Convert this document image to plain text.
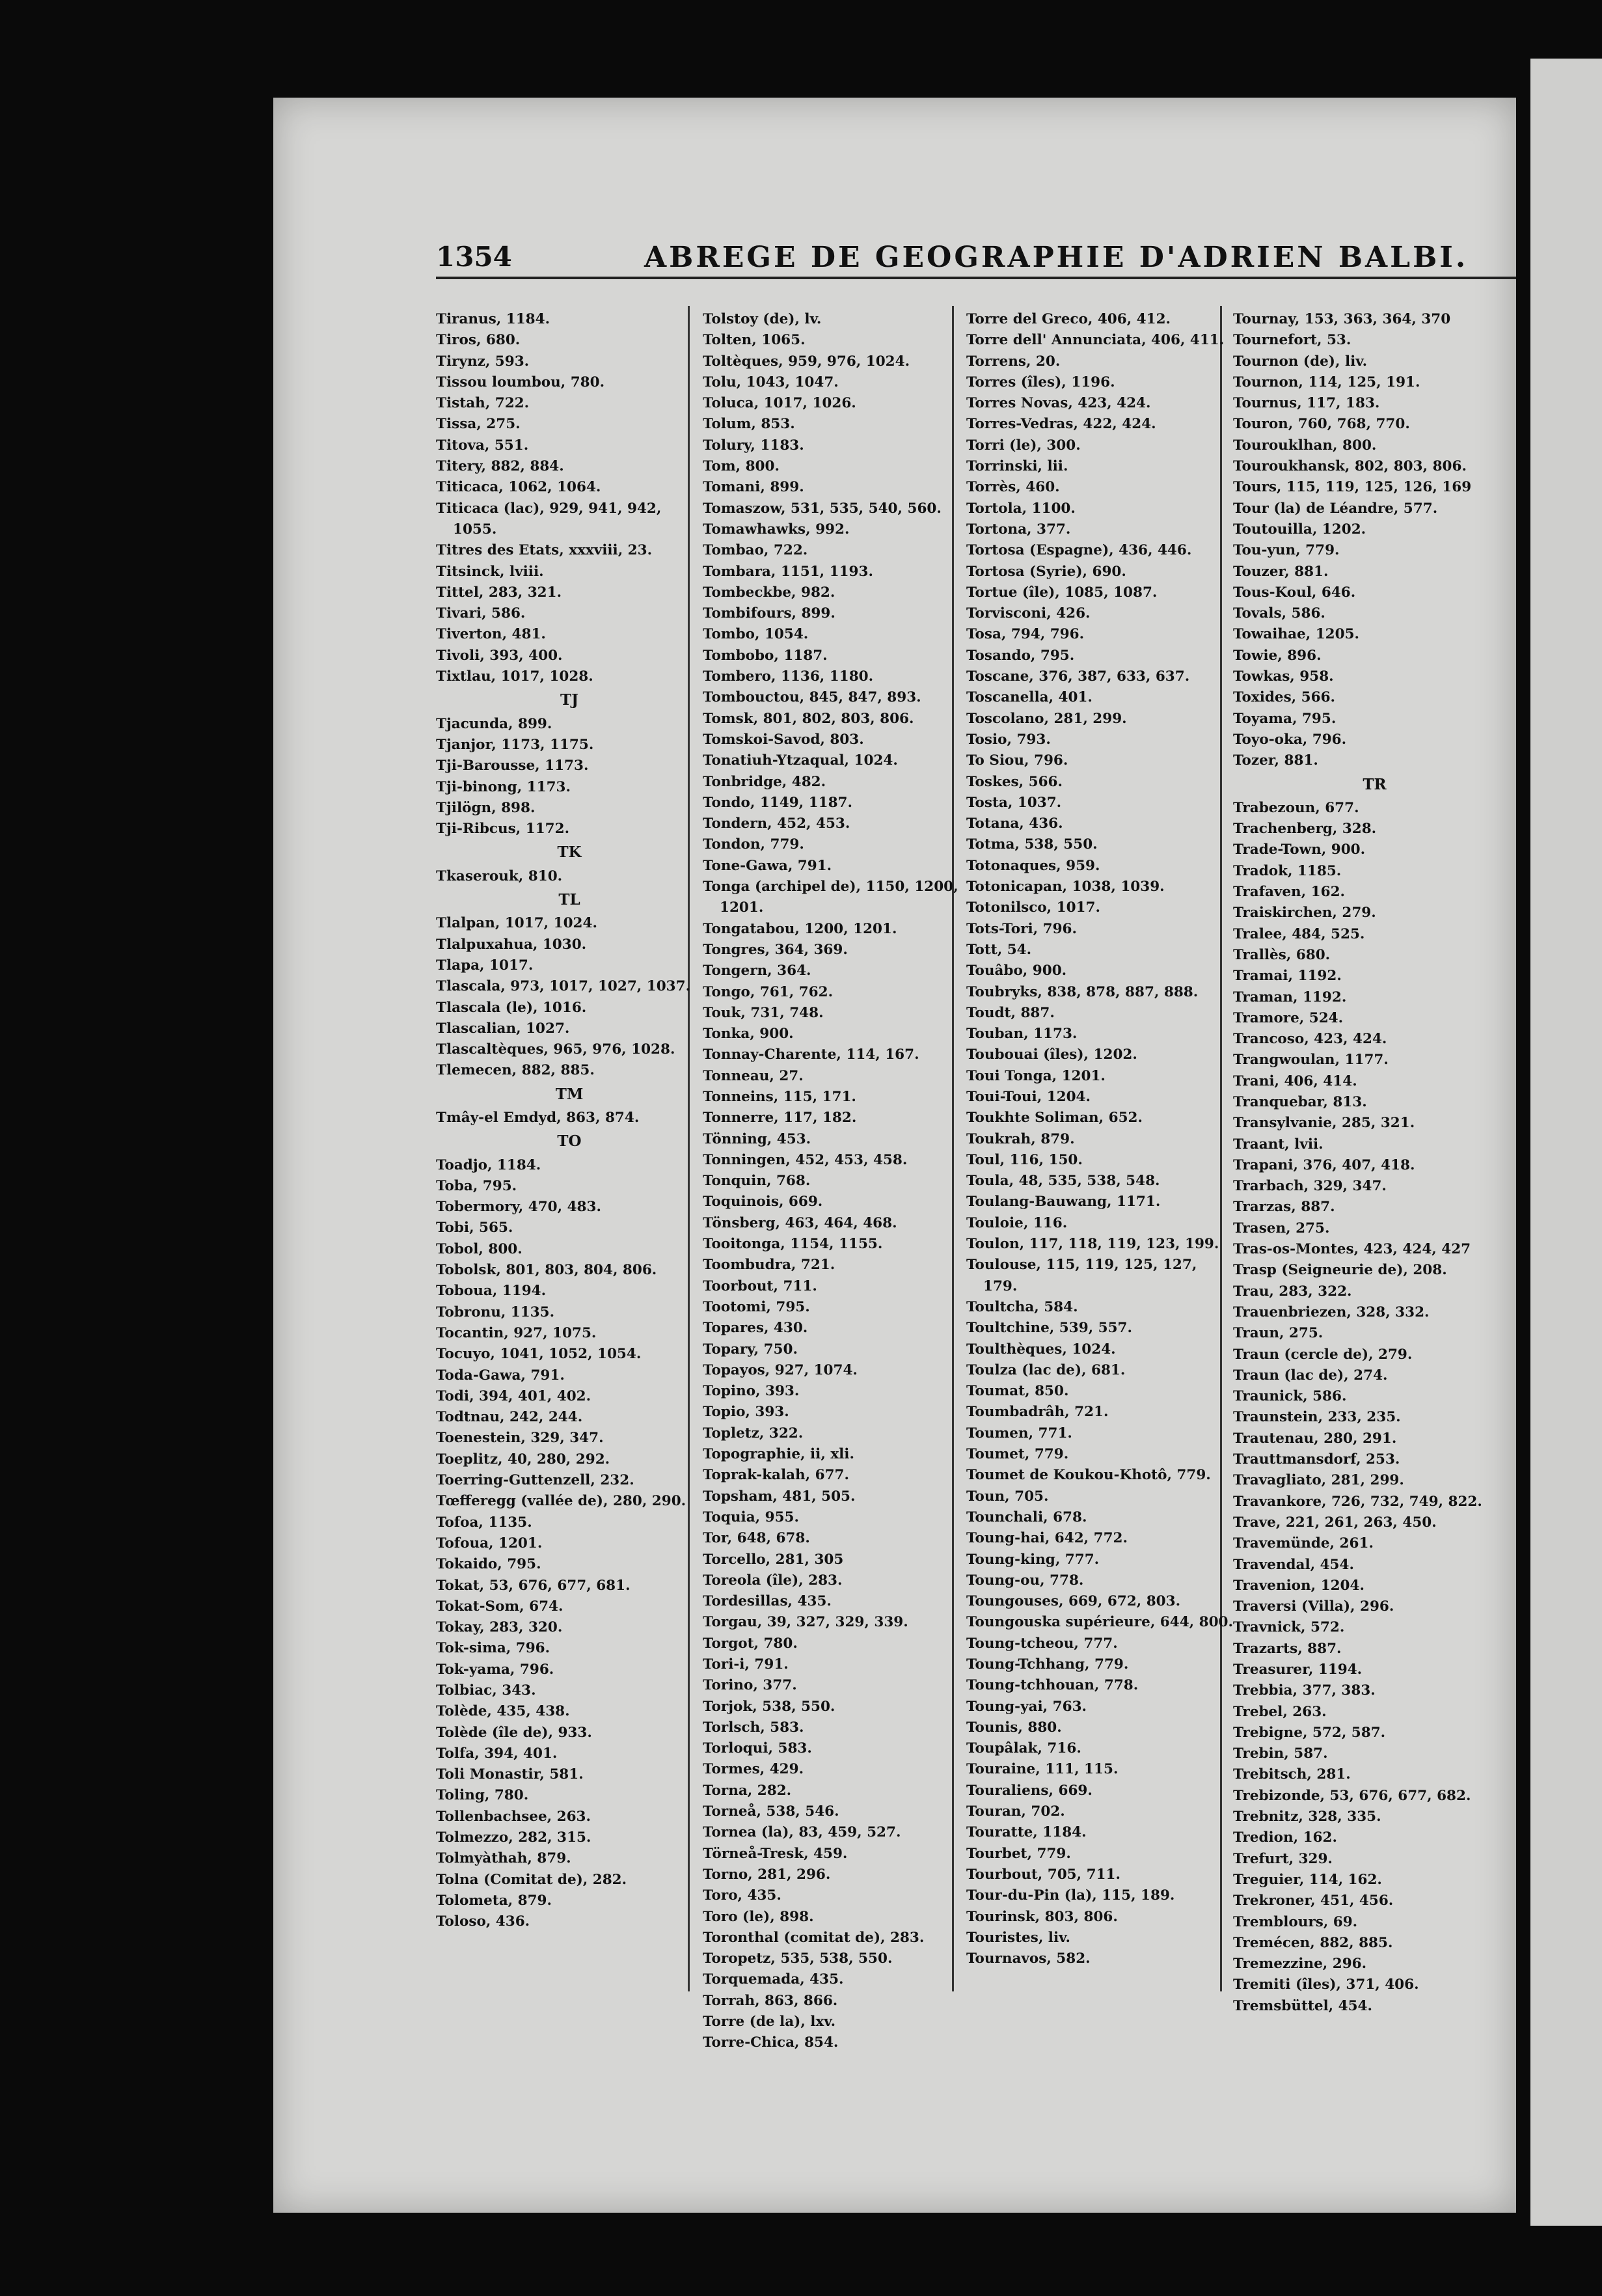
1354	ABREGE DE GEOGRAPHIE D'ADRIEN BALBI.
Tiranus, 1184.
Tiros, 680.
Tirynz, 593.
Tissou loumbou, 780.
Tistah, 722.
Tissa, 275.
Titova, 551.
Titery, 882, 884.
Titicaca, 1062, 1064.
Titicaca (lac), 929, 941, 942, 1055.
Titres des Etats, xxxviii, 23.
Titsinck, lviii.
Tittel, 283, 321.
Tivari, 586.
Tiverton, 481.
Tivoli, 393, 400.
Tixtlau, 1017, 1028.
TJ
Tjacunda, 899.
Tjanjor, 1173, 1175.
Tji-Barousse, 1173.
Tji-binong, 1173.
Tjilögn, 898.
Tji-Ribcus, 1172.
TK
Tkaserouk, 810.
TL
Tlalpan, 1017, 1024.
Tlalpuxahua, 1030.
Tlapa, 1017.
Tlascala, 973, 1017, 1027, 1037.
Tlascala (le), 1016.
Tlascalian, 1027.
Tlascaltèques, 965, 976, 1028.
Tlemecen, 882, 885.
TM
Tmây-el Emdyd, 863, 874.
TO
Toadjo, 1184.
Toba, 795.
Tobermory, 470, 483.
Tobi, 565.
Tobol, 800.
Tobolsk, 801, 803, 804, 806.
Toboua, 1194.
Tobronu, 1135.
Tocantin, 927, 1075.
Tocuyo, 1041, 1052, 1054.
Toda-Gawa, 791.
Todi, 394, 401, 402.
Todtnau, 242, 244.
Toenestein, 329, 347.
Toeplitz, 40, 280, 292.
Toerring-Guttenzell, 232.
Tœfferegg (vallée de), 280, 290.
Tofoa, 1135.
Tofoua, 1201.
Tokaido, 795.
Tokat, 53, 676, 677, 681.
Tokat-Som, 674.
Tokay, 283, 320.
Tok-sima, 796.
Tok-yama, 796.
Tolbiac, 343.
Tolède, 435, 438.
Tolède (île de), 933.
Tolfa, 394, 401.
Toli Monastir, 581.
Toling, 780.
Tollenbachsee, 263.
Tolmezzo, 282, 315.
Tolmyàthah, 879.
Tolna (Comitat de), 282.
Tolometa, 879.
Toloso, 436.
Tolstoy (de), lv.
Tolten, 1065.
Toltèques, 959, 976, 1024.
Tolu, 1043, 1047.
Toluca, 1017, 1026.
Tolum, 853.
Tolury, 1183.
Tom, 800.
Tomani, 899.
Tomaszow, 531, 535, 540, 560.
Tomawhawks, 992.
Tombao, 722.
Tombara, 1151, 1193.
Tombeckbe, 982.
Tombifours, 899.
Tombo, 1054.
Tombobo, 1187.
Tombero, 1136, 1180.
Tombouctou, 845, 847, 893.
Tomsk, 801, 802, 803, 806.
Tomskoi-Savod, 803.
Tonatiuh-Ytzaqual, 1024.
Tonbridge, 482.
Tondo, 1149, 1187.
Tondern, 452, 453.
Tondon, 779.
Tone-Gawa, 791.
Tonga (archipel de), 1150, 1200, 1201.
Tongatabou, 1200, 1201.
Tongres, 364, 369.
Tongern, 364.
Tongo, 761, 762.
Touk, 731, 748.
Tonka, 900.
Tonnay-Charente, 114, 167.
Tonneau, 27.
Tonneins, 115, 171.
Tonnerre, 117, 182.
Tönning, 453.
Tonningen, 452, 453, 458.
Tonquin, 768.
Toquinois, 669.
Tönsberg, 463, 464, 468.
Tooitonga, 1154, 1155.
Toombudra, 721.
Toorbout, 711.
Tootomi, 795.
Topares, 430.
Topary, 750.
Topayos, 927, 1074.
Topino, 393.
Topio, 393.
Topletz, 322.
Topographie, ii, xli.
Toprak-kalah, 677.
Topsham, 481, 505.
Toquia, 955.
Tor, 648, 678.
Torcello, 281, 305
Toreola (île), 283.
Tordesillas, 435.
Torgau, 39, 327, 329, 339.
Torgot, 780.
Tori-i, 791.
Torino, 377.
Torjok, 538, 550.
Torlsch, 583.
Torloqui, 583.
Tormes, 429.
Torna, 282.
Torneå, 538, 546.
Tornea (la), 83, 459, 527.
Törneå-Tresk, 459.
Torno, 281, 296.
Toro, 435.
Toro (le), 898.
Toronthal (comitat de), 283.
Toropetz, 535, 538, 550.
Torquemada, 435.
Torrah, 863, 866.
Torre (de la), lxv.
Torre-Chica, 854.
Torre del Greco, 406, 412.
Torre dell' Annunciata, 406, 411.
Torrens, 20.
Torres (îles), 1196.
Torres Novas, 423, 424.
Torres-Vedras, 422, 424.
Torri (le), 300.
Torrinski, lii.
Torrès, 460.
Tortola, 1100.
Tortona, 377.
Tortosa (Espagne), 436, 446.
Tortosa (Syrie), 690.
Tortue (île), 1085, 1087.
Torvisconi, 426.
Tosa, 794, 796.
Tosando, 795.
Toscane, 376, 387, 633, 637.
Toscanella, 401.
Toscolano, 281, 299.
Tosio, 793.
To Siou, 796.
Toskes, 566.
Tosta, 1037.
Totana, 436.
Totma, 538, 550.
Totonaques, 959.
Totonicapan, 1038, 1039.
Totonilsco, 1017.
Tots-Tori, 796.
Tott, 54.
Touâbo, 900.
Toubryks, 838, 878, 887, 888.
Toudt, 887.
Touban, 1173.
Toubouai (îles), 1202.
Toui Tonga, 1201.
Toui-Toui, 1204.
Toukhte Soliman, 652.
Toukrah, 879.
Toul, 116, 150.
Toula, 48, 535, 538, 548.
Toulang-Bauwang, 1171.
Touloie, 116.
Toulon, 117, 118, 119, 123, 199.
Toulouse, 115, 119, 125, 127, 179.
Toultcha, 584.
Toultchine, 539, 557.
Toulthèques, 1024.
Toulza (lac de), 681.
Toumat, 850.
Toumbadrâh, 721.
Toumen, 771.
Toumet, 779.
Toumet de Koukou-Khotô, 779.
Toun, 705.
Tounchali, 678.
Toung-hai, 642, 772.
Toung-king, 777.
Toung-ou, 778.
Toungouses, 669, 672, 803.
Toungouska supérieure, 644, 800.
Toung-tcheou, 777.
Toung-Tchhang, 779.
Toung-tchhouan, 778.
Toung-yai, 763.
Tounis, 880.
Toupâlak, 716.
Touraine, 111, 115.
Touraliens, 669.
Touran, 702.
Touratte, 1184.
Tourbet, 779.
Tourbout, 705, 711.
Tour-du-Pin (la), 115, 189.
Tourinsk, 803, 806.
Touristes, liv.
Tournavos, 582.
Tournay, 153, 363, 364, 370
Tournefort, 53.
Tournon (de), liv.
Tournon, 114, 125, 191.
Tournus, 117, 183.
Touron, 760, 768, 770.
Tourouklhan, 800.
Touroukhansk, 802, 803, 806.
Tours, 115, 119, 125, 126, 169
Tour (la) de Léandre, 577.
Toutouilla, 1202.
Tou-yun, 779.
Touzer, 881.
Tous-Koul, 646.
Tovals, 586.
Towaihae, 1205.
Towie, 896.
Towkas, 958.
Toxides, 566.
Toyama, 795.
Toyo-oka, 796.
Tozer, 881.
TR
Trabezoun, 677.
Trachenberg, 328.
Trade-Town, 900.
Tradok, 1185.
Trafaven, 162.
Traiskirchen, 279.
Tralee, 484, 525.
Trallès, 680.
Tramai, 1192.
Traman, 1192.
Tramore, 524.
Trancoso, 423, 424.
Trangwoulan, 1177.
Trani, 406, 414.
Tranquebar, 813.
Transylvanie, 285, 321.
Traant, lvii.
Trapani, 376, 407, 418.
Trarbach, 329, 347.
Trarzas, 887.
Trasen, 275.
Tras-os-Montes, 423, 424, 427
Trasp (Seigneurie de), 208.
Trau, 283, 322.
Trauenbriezen, 328, 332.
Traun, 275.
Traun (cercle de), 279.
Traun (lac de), 274.
Traunick, 586.
Traunstein, 233, 235.
Trautenau, 280, 291.
Trauttmansdorf, 253.
Travagliato, 281, 299.
Travankore, 726, 732, 749, 822.
Trave, 221, 261, 263, 450.
Travemünde, 261.
Travendal, 454.
Travenion, 1204.
Traversi (Villa), 296.
Travnick, 572.
Trazarts, 887.
Treasurer, 1194.
Trebbia, 377, 383.
Trebel, 263.
Trebigne, 572, 587.
Trebin, 587.
Trebitsch, 281.
Trebizonde, 53, 676, 677, 682.
Trebnitz, 328, 335.
Tredion, 162.
Trefurt, 329.
Treguier, 114, 162.
Trekroner, 451, 456.
Tremblours, 69.
Tremécen, 882, 885.
Tremezzine, 296.
Tremiti (îles), 371, 406.
Tremsbüttel, 454.
